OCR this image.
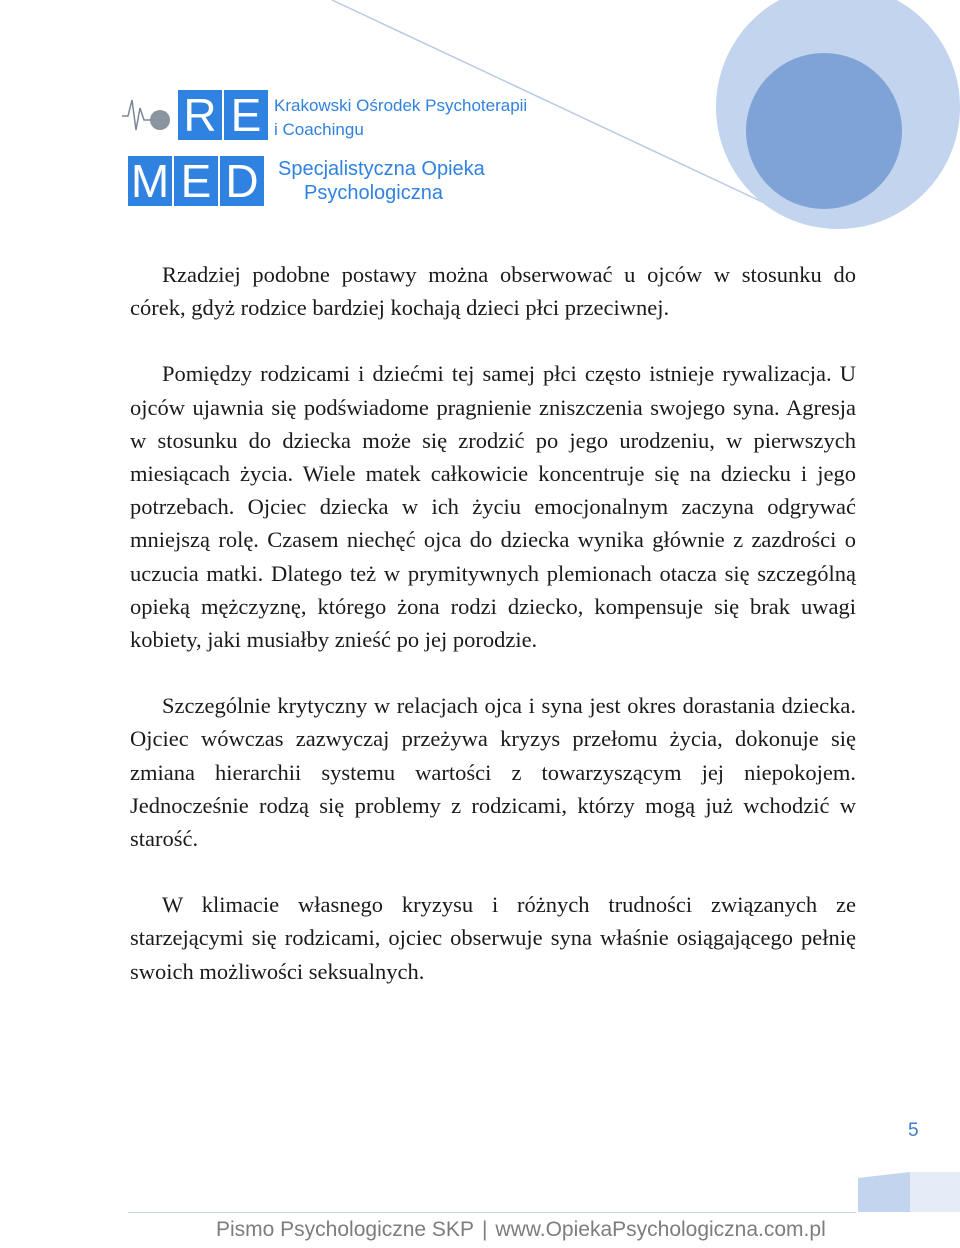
R E
M E D
Krakowski Ośrodek Psychoterapii
i Coachingu
Specjalistyczna Opieka
Psychologiczna

Rzadziej podobne postawy można obserwować u ojców w stosunku do córek, gdyż rodzice bardziej kochają dzieci płci przeciwnej.

Pomiędzy rodzicami i dziećmi tej samej płci często istnieje rywalizacja. U ojców ujawnia się podświadome pragnienie zniszczenia swojego syna. Agresja w stosunku do dziecka może się zrodzić po jego urodzeniu, w pierwszych miesiącach życia. Wiele matek całkowicie koncentruje się na dziecku i jego potrzebach. Ojciec dziecka w ich życiu emocjonalnym zaczyna odgrywać mniejszą rolę. Czasem niechęć ojca do dziecka wynika głównie z zazdrości o uczucia matki. Dlatego też w prymitywnych plemionach otacza się szczególną opieką mężczyznę, którego żona rodzi dziecko, kompensuje się brak uwagi kobiety, jaki musiałby znieść po jej porodzie.

Szczególnie krytyczny w relacjach ojca i syna jest okres dorastania dziecka. Ojciec wówczas zazwyczaj przeżywa kryzys przełomu życia, dokonuje się zmiana hierarchii systemu wartości z towarzyszącym jej niepokojem. Jednocześnie rodzą się problemy z rodzicami, którzy mogą już wchodzić w starość.

W klimacie własnego kryzysu i różnych trudności związanych ze starzejącymi się rodzicami, ojciec obserwuje syna właśnie osiągającego pełnię swoich możliwości seksualnych.

5
Pismo Psychologiczne SKP | www.OpiekaPsychologiczna.com.pl
